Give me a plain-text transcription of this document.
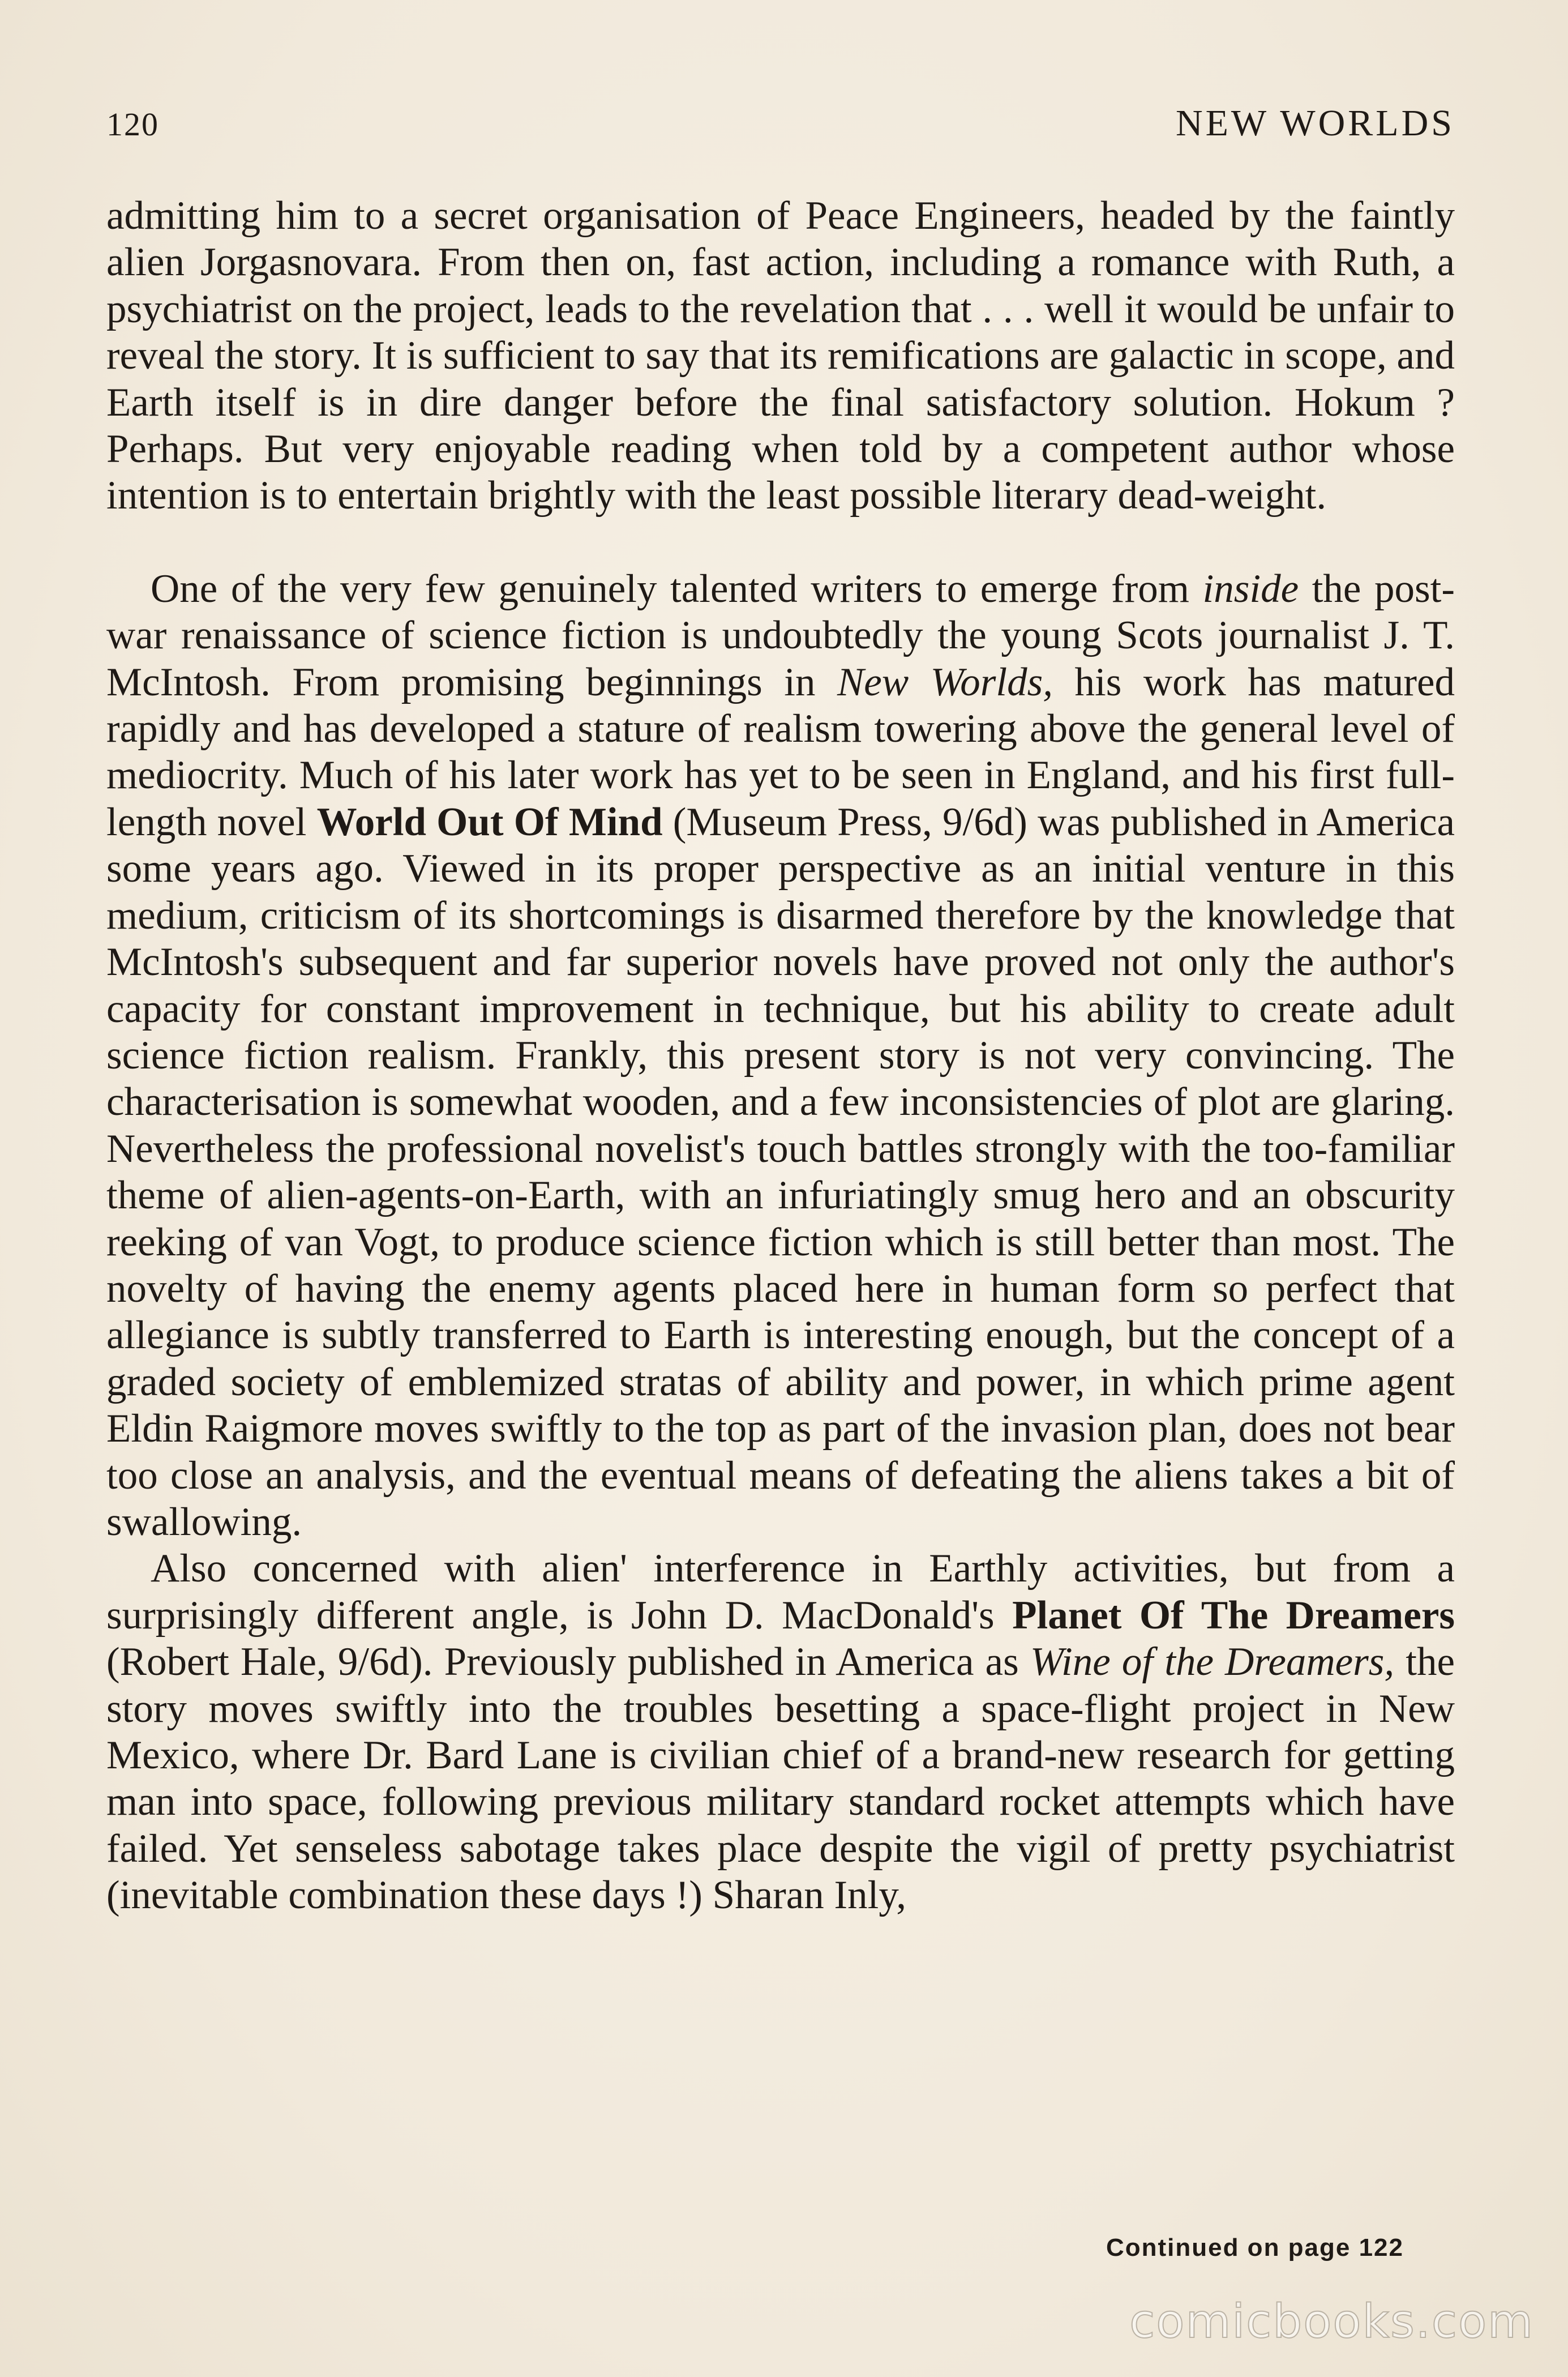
120	NEW WORLDS

admitting him to a secret organisation of Peace Engineers, headed by the faintly alien Jorgasnovara. From then on, fast action, including a romance with Ruth, a psychiatrist on the project, leads to the revelation that . . . well it would be unfair to reveal the story. It is sufficient to say that its remifications are galactic in scope, and Earth itself is in dire danger before the final satisfactory solution. Hokum ? Perhaps. But very enjoyable reading when told by a competent author whose intention is to entertain brightly with the least possible literary dead-weight.

One of the very few genuinely talented writers to emerge from inside the post-war renaissance of science fiction is undoubtedly the young Scots journalist J. T. McIntosh. From promising beginnings in New Worlds, his work has matured rapidly and has developed a stature of realism towering above the general level of mediocrity. Much of his later work has yet to be seen in England, and his first full-length novel World Out Of Mind (Museum Press, 9/6d) was published in America some years ago. Viewed in its proper perspective as an initial venture in this medium, criticism of its shortcomings is disarmed therefore by the knowledge that McIntosh's subsequent and far superior novels have proved not only the author's capacity for constant improvement in technique, but his ability to create adult science fiction realism. Frankly, this present story is not very convincing. The characterisation is somewhat wooden, and a few inconsistencies of plot are glaring. Nevertheless the professional novelist's touch battles strongly with the too-familiar theme of alien-agents-on-Earth, with an infuriatingly smug hero and an obscurity reeking of van Vogt, to produce science fiction which is still better than most. The novelty of having the enemy agents placed here in human form so perfect that allegiance is subtly transferred to Earth is interesting enough, but the concept of a graded society of emblemized stratas of ability and power, in which prime agent Eldin Raigmore moves swiftly to the top as part of the invasion plan, does not bear too close an analysis, and the eventual means of defeating the aliens takes a bit of swallowing.

Also concerned with alien' interference in Earthly activities, but from a surprisingly different angle, is John D. MacDonald's Planet Of The Dreamers (Robert Hale, 9/6d). Previously published in America as Wine of the Dreamers, the story moves swiftly into the troubles besetting a space-flight project in New Mexico, where Dr. Bard Lane is civilian chief of a brand-new research for getting man into space, following previous military standard rocket attempts which have failed. Yet senseless sabotage takes place despite the vigil of pretty psychiatrist (inevitable combination these days !) Sharan Inly,

Continued on page 122
comicbooks.com
